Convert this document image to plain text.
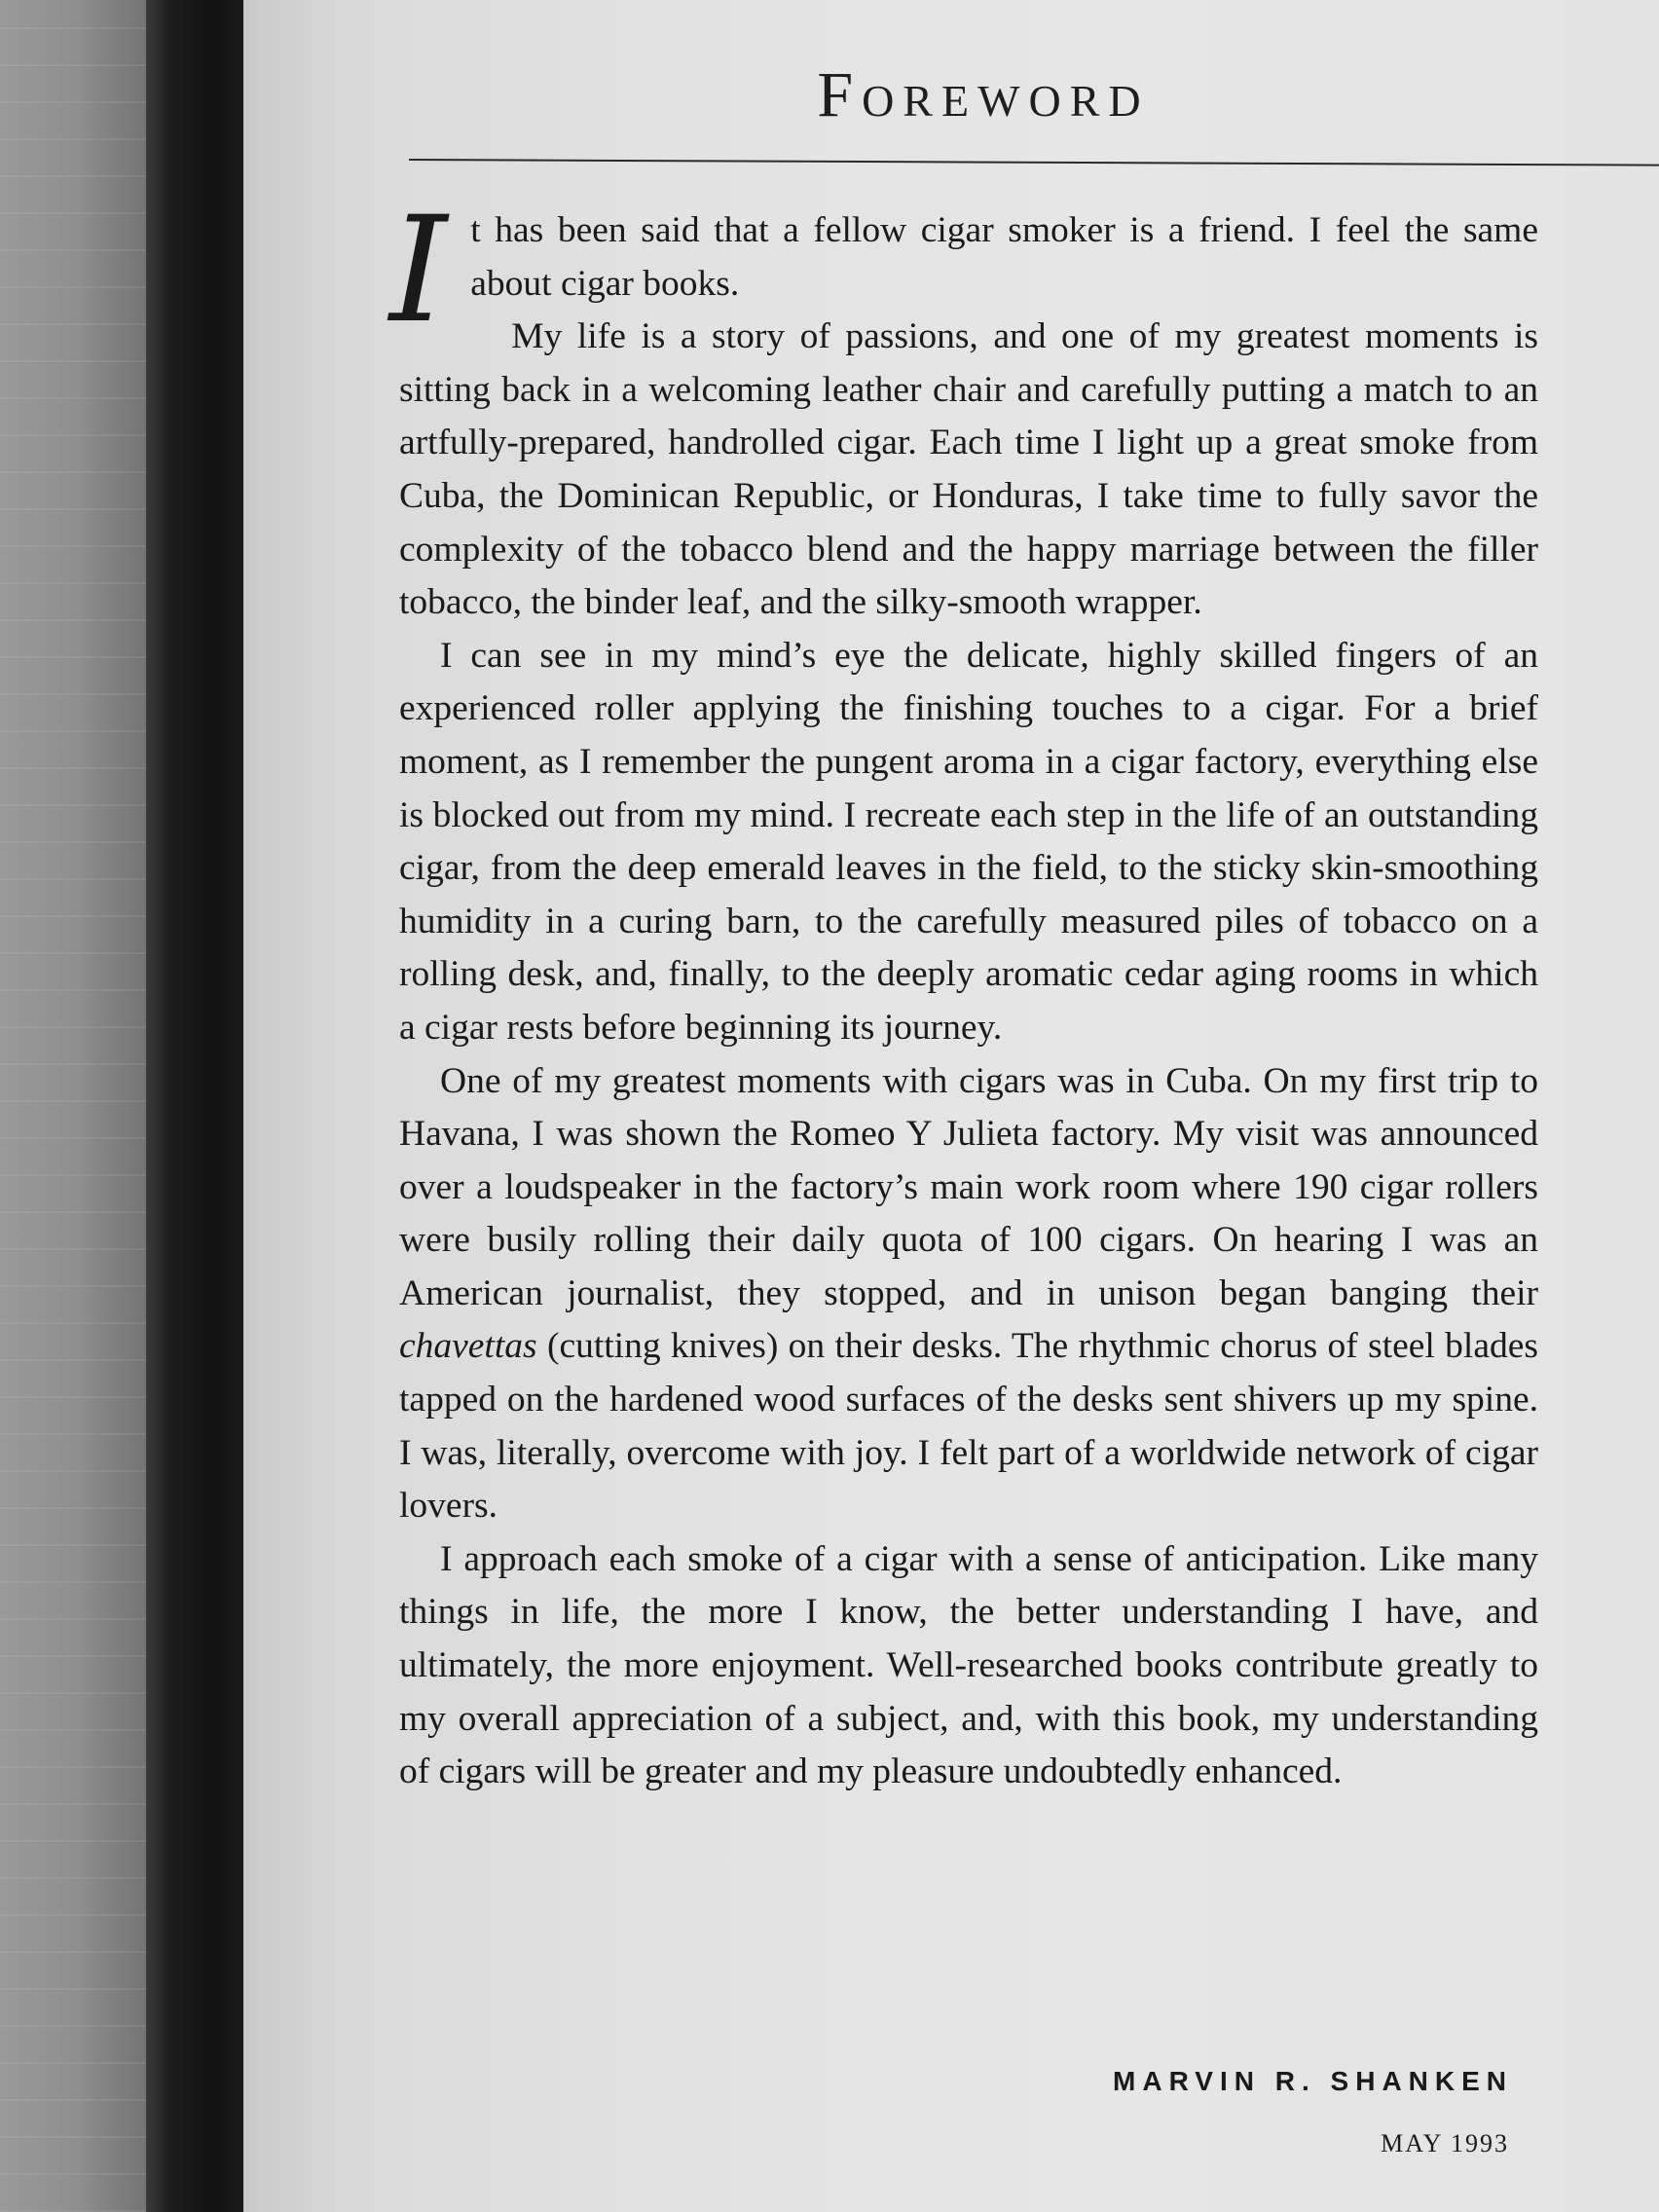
Foreword

It has been said that a fellow cigar smoker is a friend. I feel the same about cigar books.

My life is a story of passions, and one of my greatest moments is sitting back in a welcoming leather chair and carefully putting a match to an artfully-prepared, handrolled cigar. Each time I light up a great smoke from Cuba, the Dominican Republic, or Honduras, I take time to fully savor the complexity of the tobacco blend and the happy marriage between the filler tobacco, the binder leaf, and the silky-smooth wrapper.

I can see in my mind’s eye the delicate, highly skilled fingers of an experienced roller applying the finishing touches to a cigar. For a brief moment, as I remember the pungent aroma in a cigar factory, everything else is blocked out from my mind. I recreate each step in the life of an outstanding cigar, from the deep emerald leaves in the field, to the sticky skin-smoothing humidity in a curing barn, to the carefully measured piles of tobacco on a rolling desk, and, finally, to the deeply aromatic cedar aging rooms in which a cigar rests before beginning its journey.

One of my greatest moments with cigars was in Cuba. On my first trip to Havana, I was shown the Romeo Y Julieta factory. My visit was announced over a loudspeaker in the factory’s main work room where 190 cigar rollers were busily rolling their daily quota of 100 cigars. On hearing I was an American journalist, they stopped, and in unison began banging their chavettas (cutting knives) on their desks. The rhythmic chorus of steel blades tapped on the hardened wood surfaces of the desks sent shivers up my spine. I was, literally, overcome with joy. I felt part of a worldwide network of cigar lovers.

I approach each smoke of a cigar with a sense of anticipation. Like many things in life, the more I know, the better understanding I have, and ultimately, the more enjoyment. Well-researched books contribute greatly to my overall appreciation of a subject, and, with this book, my understanding of cigars will be greater and my pleasure undoubtedly enhanced.

MARVIN R. SHANKEN
MAY 1993
